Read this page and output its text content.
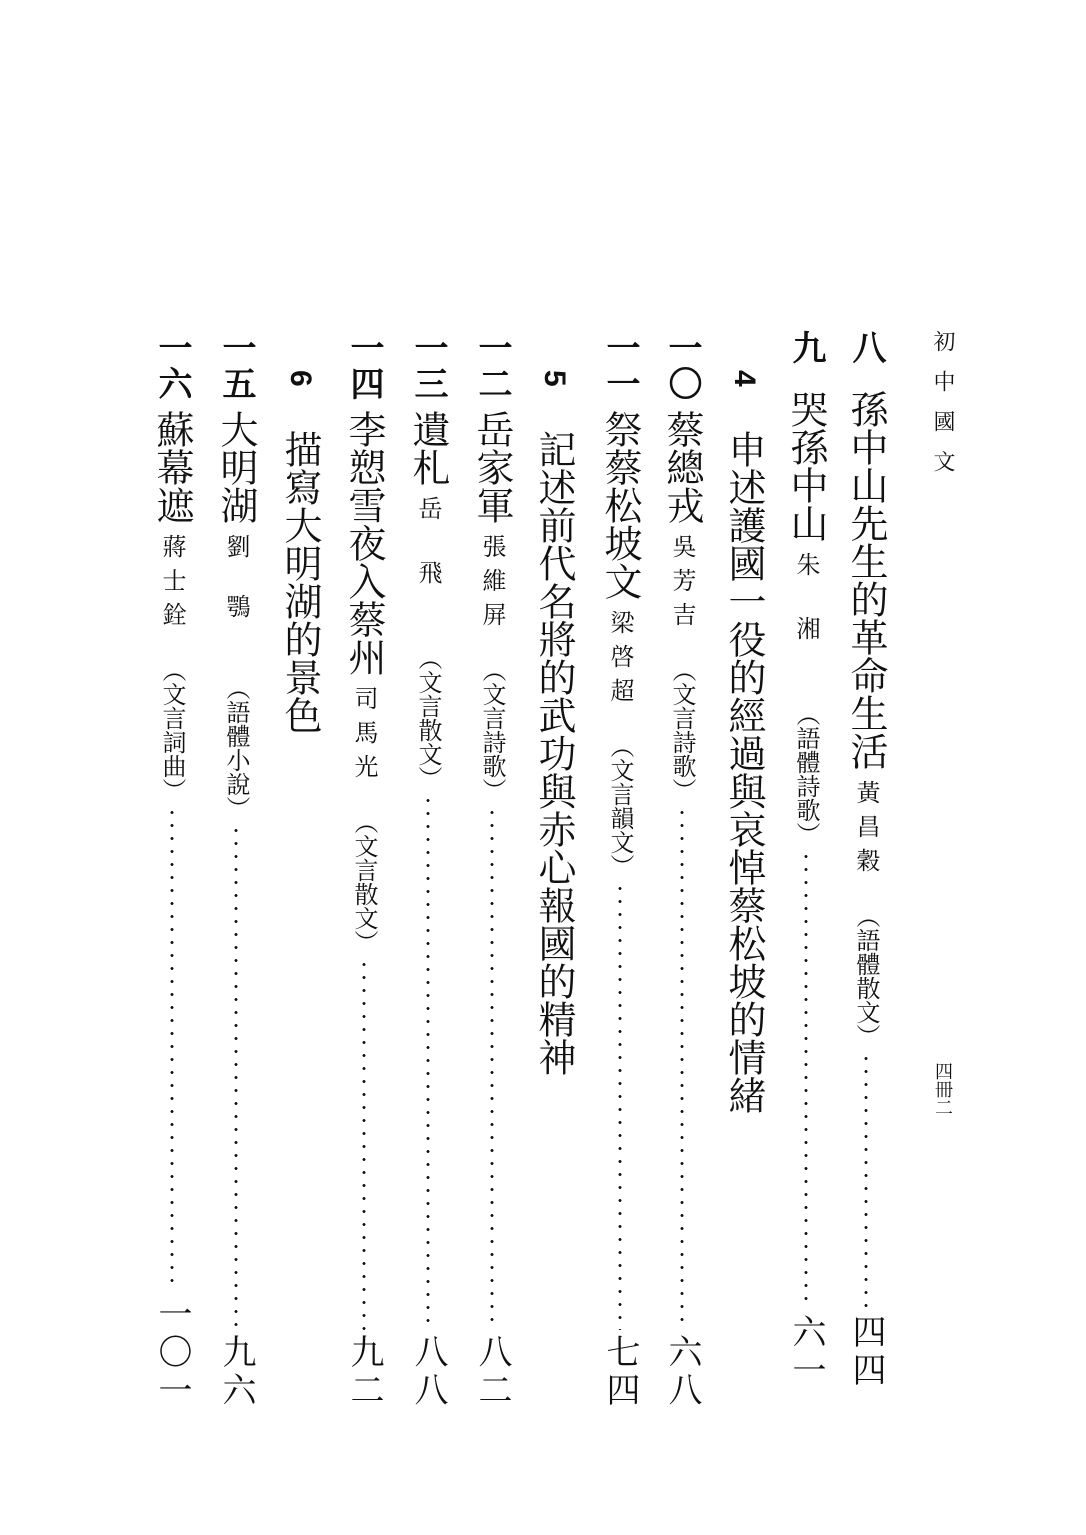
初中國文
四冊二
八
孫中山先生的革命生活
黃昌穀
（語體散文）
四四
九
哭孫中山
朱湘
（語體詩歌）
六一
4
申述護國一役的經過與哀悼蔡松坡的情緒
一〇
蔡總戎
吳芳吉
（文言詩歌）
六八
一一
祭蔡松坡文
梁啓超
（文言韻文）
七四
5
記述前代名將的武功與赤心報國的精神
一二
岳家軍
張維屏
（文言詩歌）
八二
一三
遺札
岳飛
（文言散文）
八八
一四
李愬雪夜入蔡州
司馬光
（文言散文）
九二
6
描寫大明湖的景色
一五
大明湖
劉鶚
（語體小說）
九六
一六
蘇幕遮
蔣士銓
（文言詞曲）
一〇一
